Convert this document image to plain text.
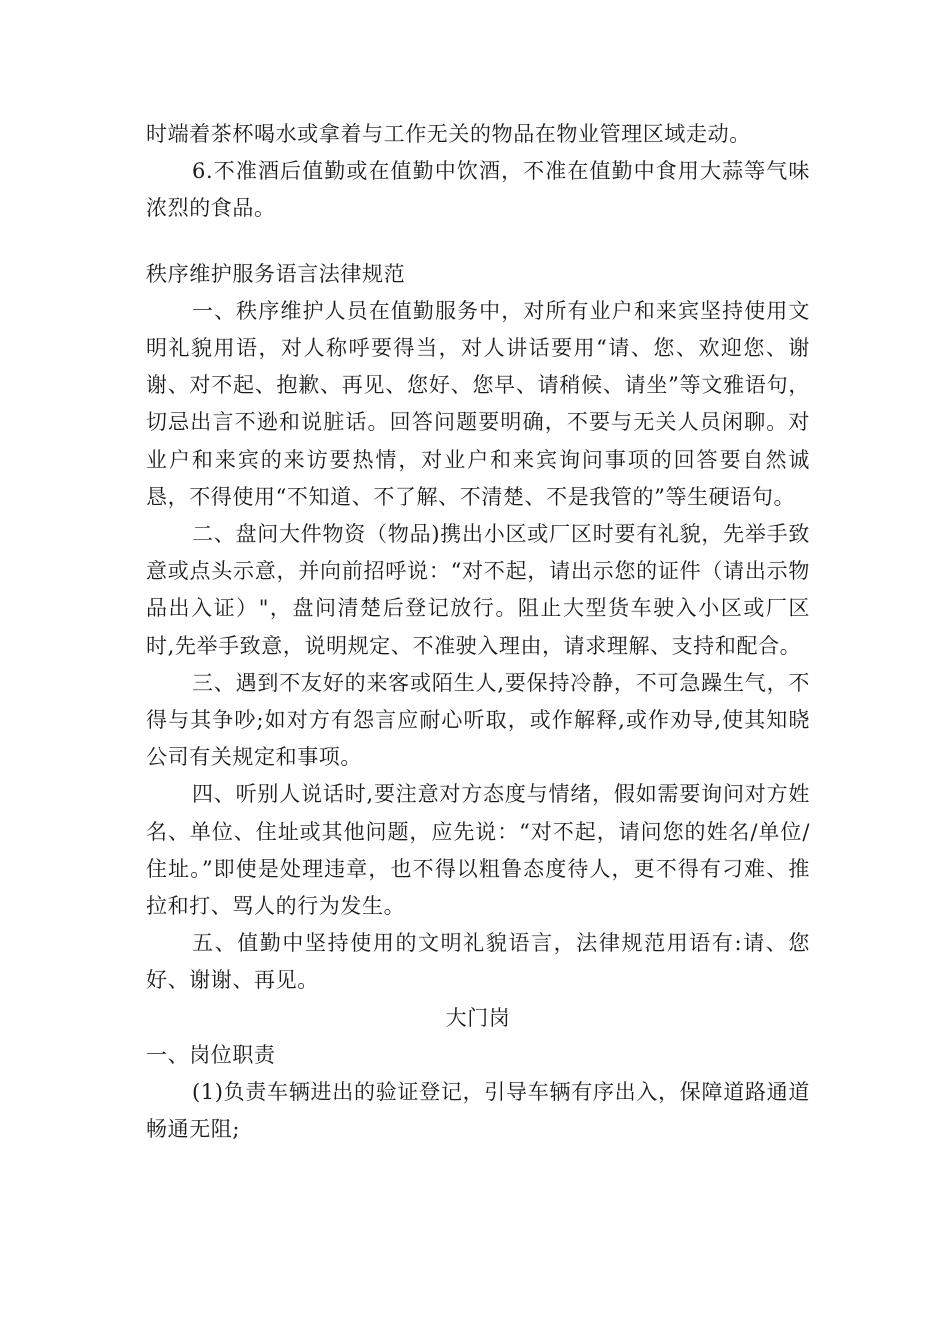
时端着茶杯喝水或拿着与工作无关的物品在物业管理区域走动。

6.不准酒后值勤或在值勤中饮酒，不准在值勤中食用大蒜等气味浓烈的食品。

秩序维护服务语言法律规范

一、秩序维护人员在值勤服务中，对所有业户和来宾坚持使用文明礼貌用语，对人称呼要得当，对人讲话要用“请、您、欢迎您、谢谢、对不起、抱歉、再见、您好、您早、请稍候、请坐”等文雅语句，切忌出言不逊和说脏话。回答问题要明确，不要与无关人员闲聊。对业户和来宾的来访要热情，对业户和来宾询问事项的回答要自然诚恳，不得使用“不知道、不了解、不清楚、不是我管的”等生硬语句。

二、盘问大件物资（物品)携出小区或厂区时要有礼貌，先举手致意或点头示意，并向前招呼说：“对不起，请出示您的证件（请出示物品出入证）"，盘问清楚后登记放行。阻止大型货车驶入小区或厂区时,先举手致意，说明规定、不准驶入理由，请求理解、支持和配合。

三、遇到不友好的来客或陌生人,要保持冷静，不可急躁生气，不得与其争吵;如对方有怨言应耐心听取，或作解释,或作劝导,使其知晓公司有关规定和事项。

四、听别人说话时,要注意对方态度与情绪，假如需要询问对方姓名、单位、住址或其他问题，应先说：“对不起，请问您的姓名/单位/住址。”即使是处理违章，也不得以粗鲁态度待人，更不得有刁难、推拉和打、骂人的行为发生。

五、值勤中坚持使用的文明礼貌语言，法律规范用语有:请、您好、谢谢、再见。

大门岗

一、岗位职责

(1)负责车辆进出的验证登记，引导车辆有序出入，保障道路通道畅通无阻;
